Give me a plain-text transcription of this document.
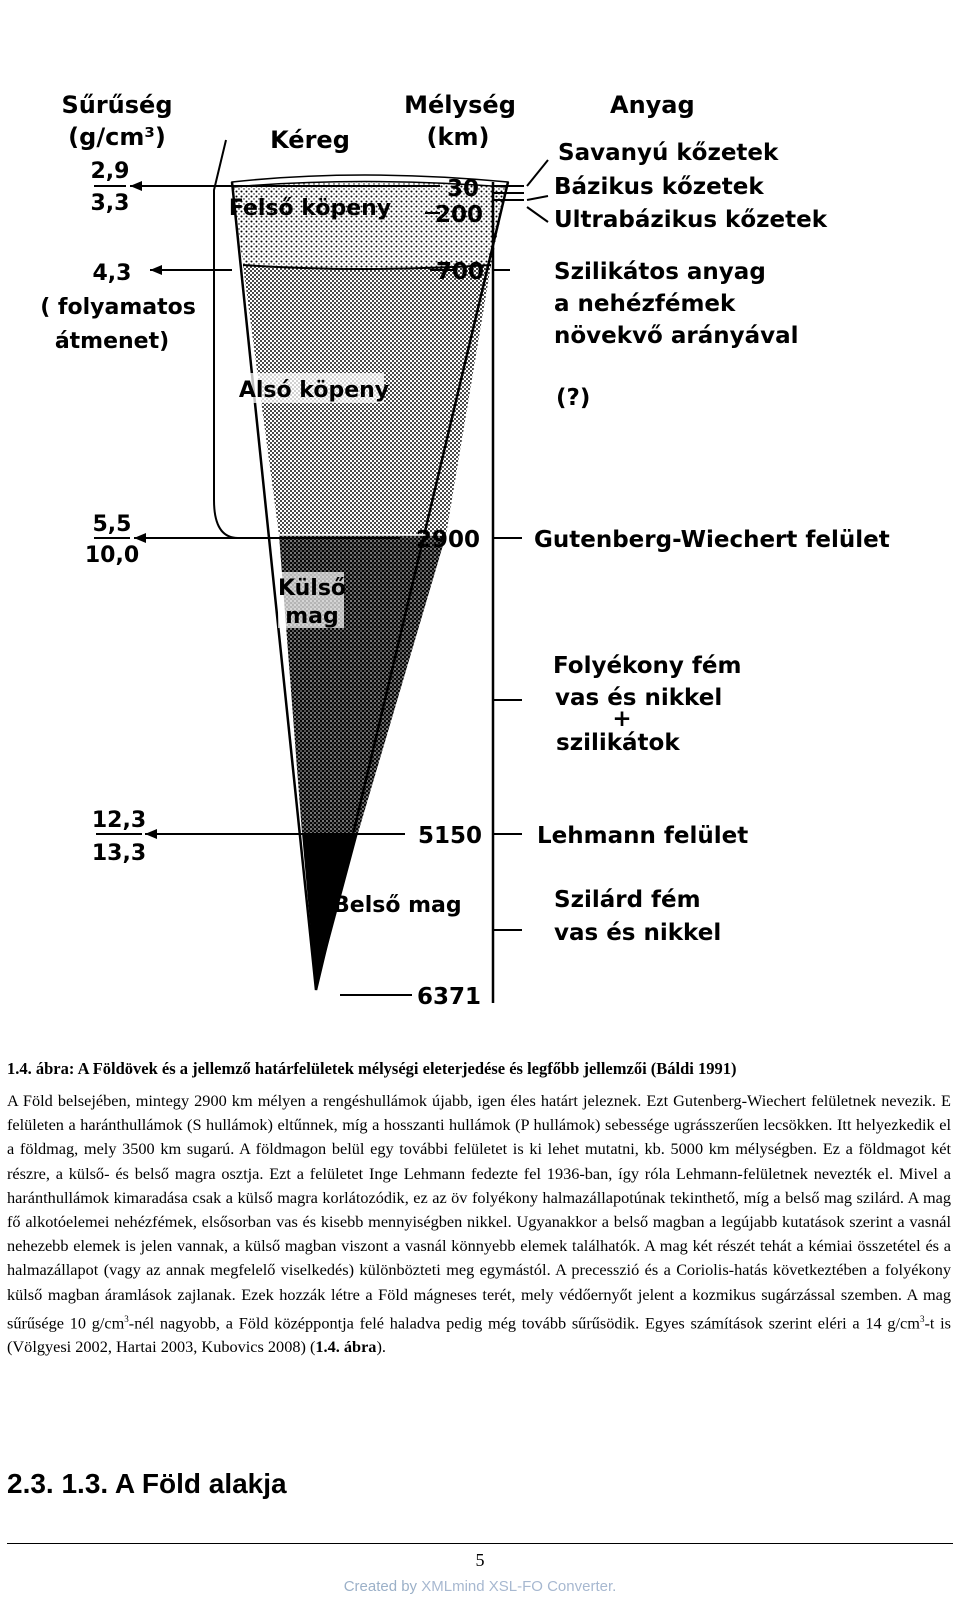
Sűrűség
(g/cm³)
Mélység
(km)
Anyag
Kéreg
Felső köpeny
Alsó köpeny
Külső
mag
Belső mag
2,9
3,3
4,3
( folyamatos
átmenet)
5,5
10,0
12,3
13,3
30
200
700
2900
5150
6371
Savanyú kőzetek
Bázikus kőzetek
Ultrabázikus kőzetek
Szilikátos anyag
a nehézfémek
növekvő arányával
(?)
Gutenberg-Wiechert felület
Folyékony fém
vas és nikkel
+
szilikátok
Lehmann felület
Szilárd fém
vas és nikkel
1.4. ábra: A Földövek és a jellemző határfelületek mélységi eleterjedése és legfőbb jellemzői (Báldi 1991)
A Föld belsejében, mintegy 2900 km mélyen a rengéshullámok újabb, igen éles határt jeleznek. Ezt Gutenberg-Wiechert felületnek nevezik. E felületen a haránthullámok (S hullámok) eltűnnek, míg a hosszanti hullámok (P hullámok) sebessége ugrásszerűen lecsökken. Itt helyezkedik el a földmag, mely 3500 km sugarú. A földmagon belül egy további felületet is ki lehet mutatni, kb. 5000 km mélységben. Ez a földmagot két részre, a külső- és belső magra osztja. Ezt a felületet Inge Lehmann fedezte fel 1936-ban, így róla Lehmann-felületnek nevezték el. Mivel a haránthullámok kimaradása csak a külső magra korlátozódik, ez az öv folyékony halmazállapotúnak tekinthető, míg a belső mag szilárd. A mag fő alkotóelemei nehézfémek, elsősorban vas és kisebb mennyiségben nikkel. Ugyanakkor a belső magban a legújabb kutatások szerint a vasnál nehezebb elemek is jelen vannak, a külső magban viszont a vasnál könnyebb elemek találhatók. A mag két részét tehát a kémiai összetétel és a halmazállapot (vagy az annak megfelelő viselkedés) különbözteti meg egymástól. A precesszió és a Coriolis-hatás következtében a folyékony külső magban áramlások zajlanak. Ezek hozzák létre a Föld mágneses terét, mely védőernyőt jelent a kozmikus sugárzással szemben. A mag sűrűsége 10 $g/cm^3$-nél nagyobb, a Föld középpontja felé haladva pedig még tovább sűrűsödik. Egyes számítások szerint eléri a 14 $g/cm^3-t$ is (Völgyesi 2002, Hartai 2003, Kubovics 2008) (1.4. ábra).
2.3. 1.3. A Föld alakja
5
Created by XMLmind XSL-FO Converter.
